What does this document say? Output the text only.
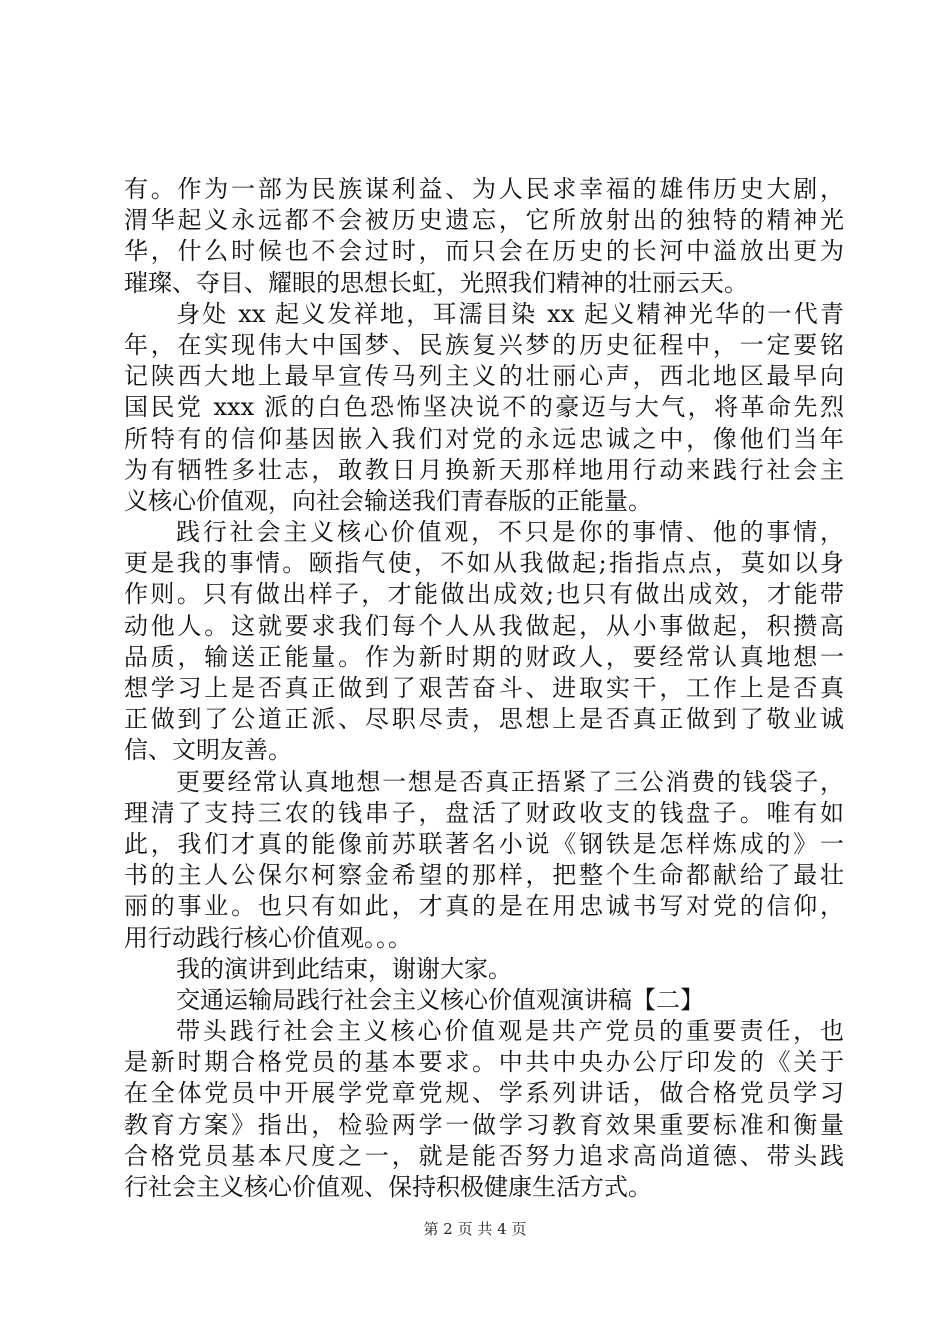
有。作为一部为民族谋利益、为人民求幸福的雄伟历史大剧，
渭华起义永远都不会被历史遗忘，它所放射出的独特的精神光
华，什么时候也不会过时，而只会在历史的长河中溢放出更为
璀璨、夺目、耀眼的思想长虹，光照我们精神的壮丽云天。
身处 xx 起义发祥地，耳濡目染 xx 起义精神光华的一代青
年，在实现伟大中国梦、民族复兴梦的历史征程中，一定要铭
记陕西大地上最早宣传马列主义的壮丽心声，西北地区最早向
国民党 xxx 派的白色恐怖坚决说不的豪迈与大气，将革命先烈
所特有的信仰基因嵌入我们对党的永远忠诚之中，像他们当年
为有牺牲多壮志，敢教日月换新天那样地用行动来践行社会主
义核心价值观，向社会输送我们青春版的正能量。
践行社会主义核心价值观，不只是你的事情、他的事情，
更是我的事情。颐指气使，不如从我做起;指指点点，莫如以身
作则。只有做出样子，才能做出成效;也只有做出成效，才能带
动他人。这就要求我们每个人从我做起，从小事做起，积攒高
品质，输送正能量。作为新时期的财政人，要经常认真地想一
想学习上是否真正做到了艰苦奋斗、进取实干，工作上是否真
正做到了公道正派、尽职尽责，思想上是否真正做到了敬业诚
信、文明友善。
更要经常认真地想一想是否真正捂紧了三公消费的钱袋子，
理清了支持三农的钱串子，盘活了财政收支的钱盘子。唯有如
此，我们才真的能像前苏联著名小说《钢铁是怎样炼成的》一
书的主人公保尔柯察金希望的那样，把整个生命都献给了最壮
丽的事业。也只有如此，才真的是在用忠诚书写对党的信仰，
用行动践行核心价值观。。。
我的演讲到此结束，谢谢大家。
交通运输局践行社会主义核心价值观演讲稿【二】
带头践行社会主义核心价值观是共产党员的重要责任，也
是新时期合格党员的基本要求。中共中央办公厅印发的《关于
在全体党员中开展学党章党规、学系列讲话，做合格党员学习
教育方案》指出，检验两学一做学习教育效果重要标准和衡量
合格党员基本尺度之一，就是能否努力追求高尚道德、带头践
行社会主义核心价值观、保持积极健康生活方式。
第 2 页 共 4 页
